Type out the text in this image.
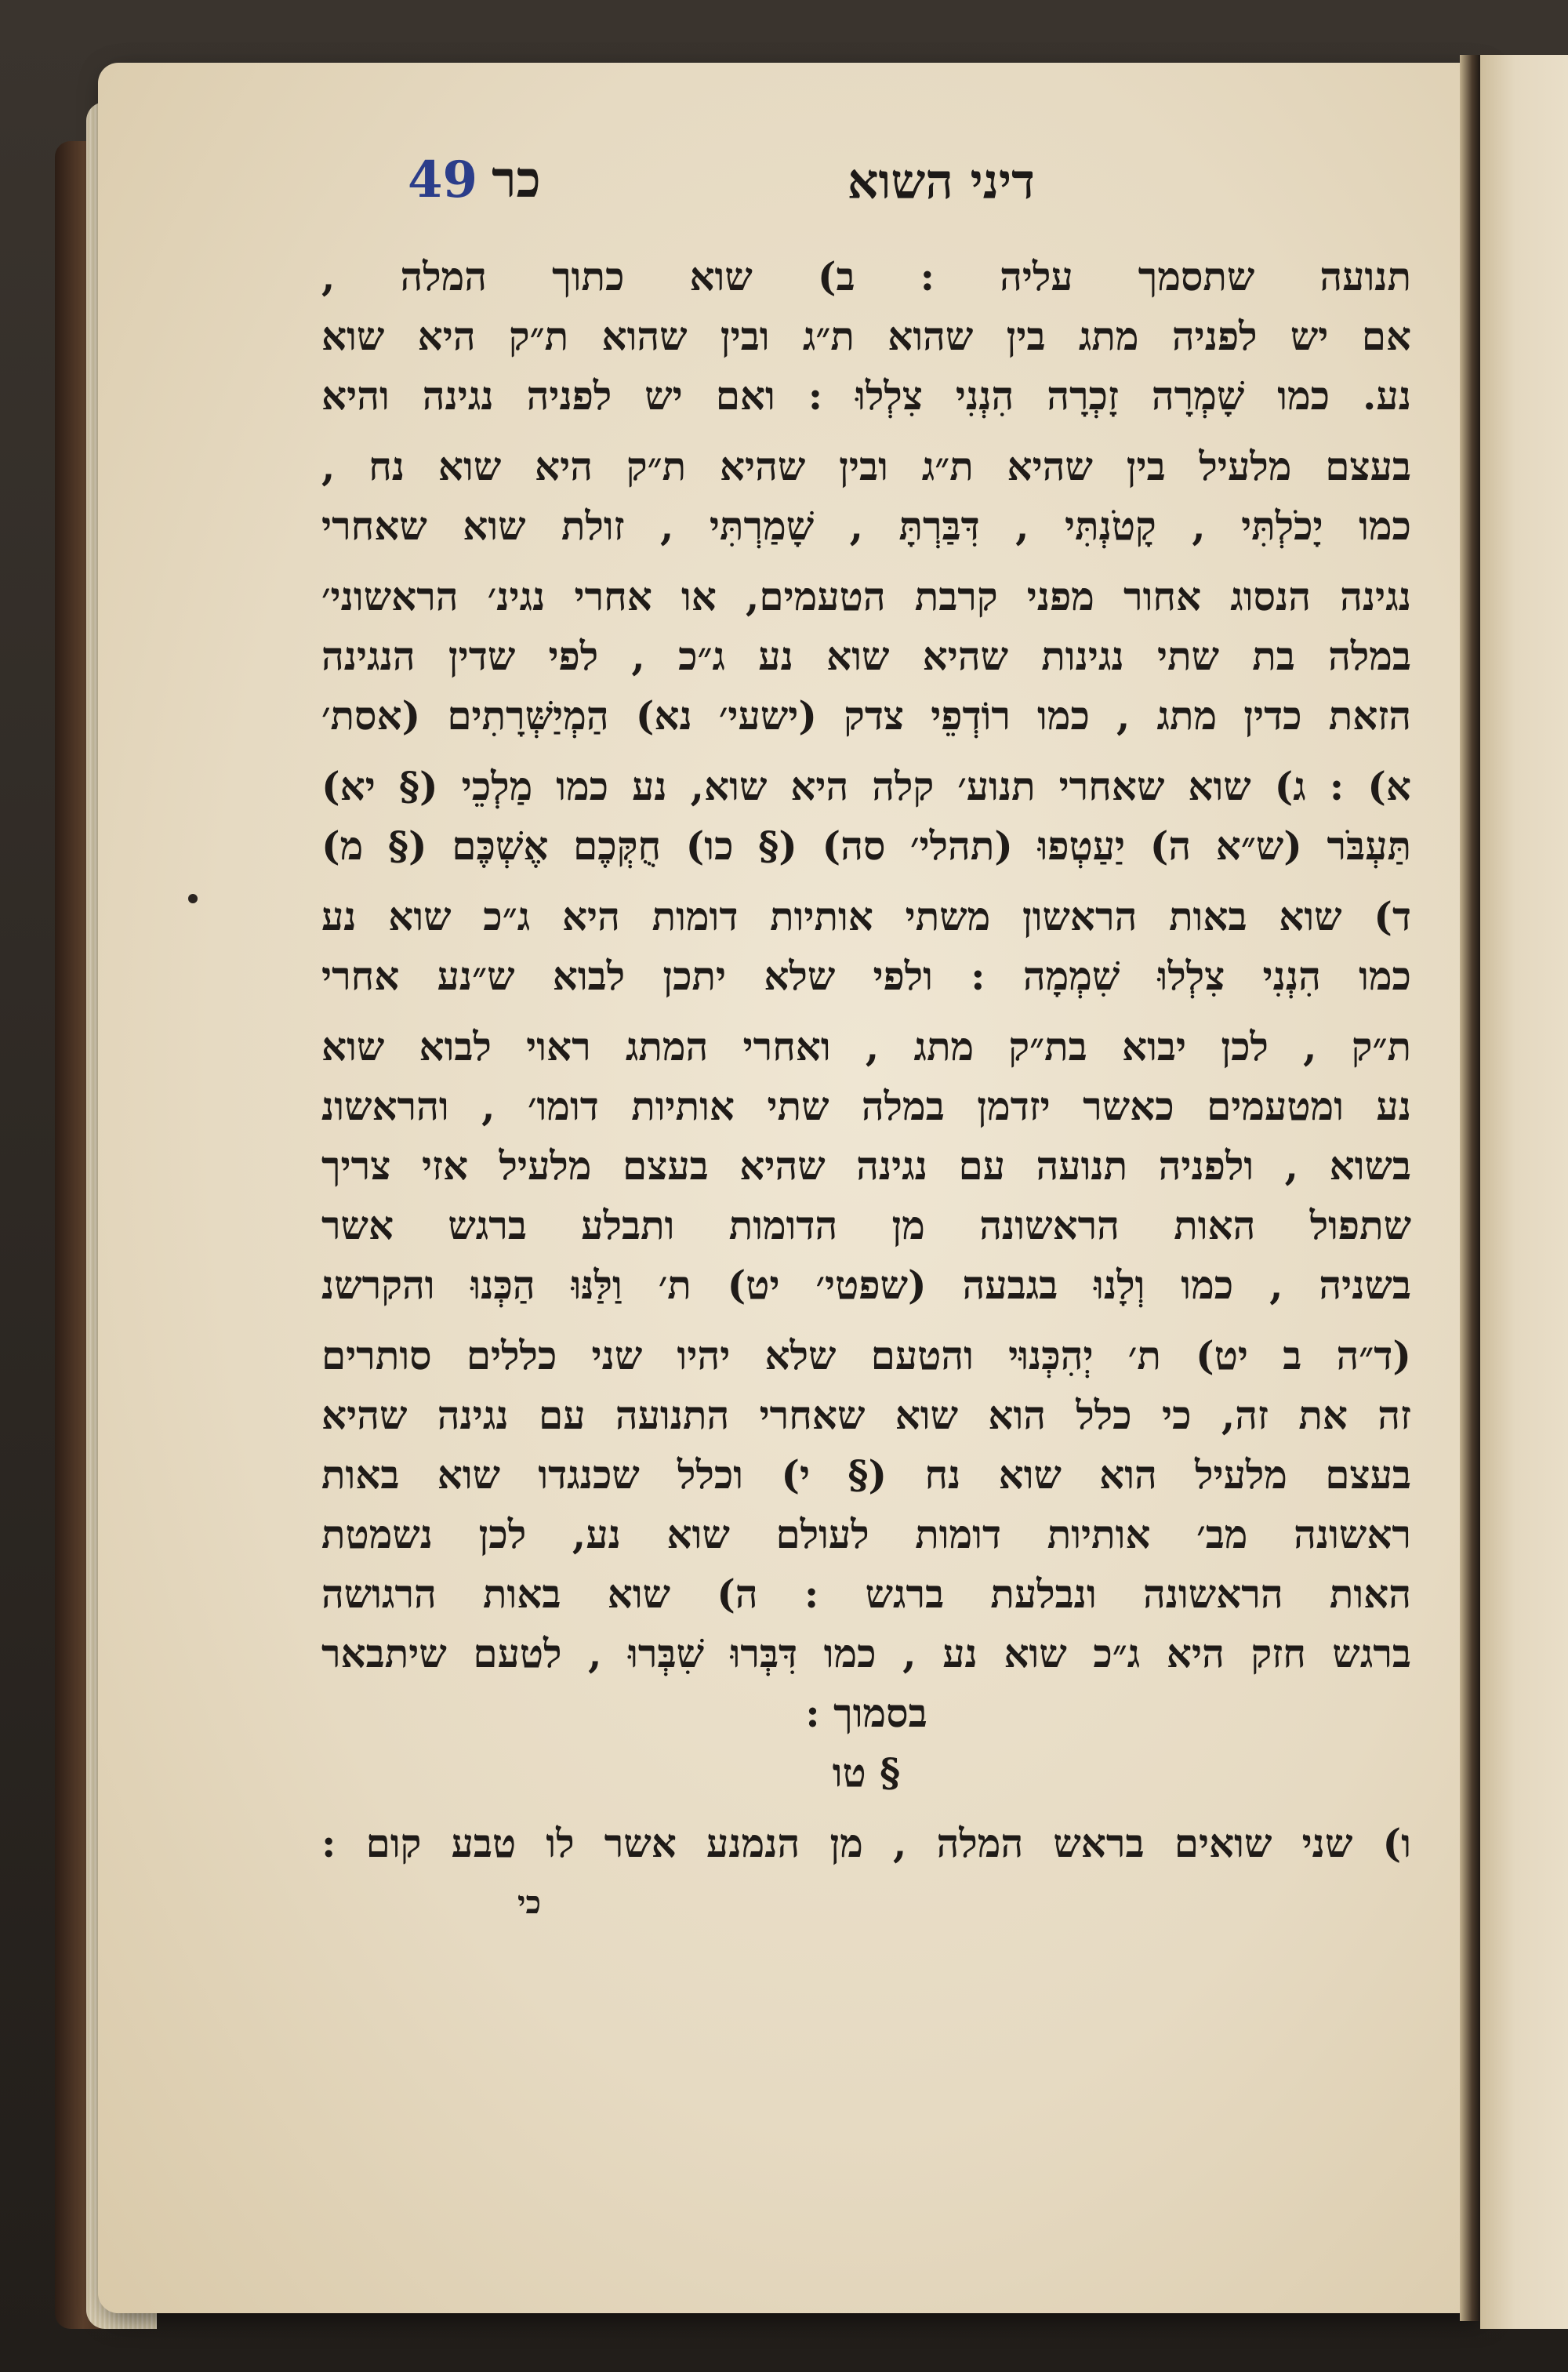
49 כר	דיני השוא
תנועה שתסמך עליה : ב) שוא כתוך המלה ,
אם יש לפניה מתג בין שהוא ת״ג ובין שהוא ת״ק היא שוא
נע. כמו שָׁמְרָה זָכְרָה הִנְנִי צִלְלוּ : ואם יש לפניה נגינה והיא
בעצם מלעיל בין שהיא ת״ג ובין שהיא ת״ק היא שוא נח ,
כמו יָכֹלְתִּי , קָטֹנְתִּי , דִּבַּרְתָּ , שָׁמַרְתִּי , זולת שוא שאחרי
נגינה הנסוג אחור מפני קרבת הטעמים, או אחרי נגינ׳ הראשוני׳
במלה בת שתי נגינות שהיא שוא נע ג״כ , לפי שדין הנגינה
הזאת כדין מתג , כמו רוֹדְפֵי צדק (ישעי׳ נא) הַמְיַשְּׁרָתִים (אסת׳
א) : ג) שוא שאחרי תנוע׳ קלה היא שוא, נע כמו מַלְכֵי (§ יא)
תַּעְבֹּר (ש״א ה) יַעַטְפוּ (תהלי׳ סה) (§ כו) חֻקְּכֶם אֶשְׁכֶּם (§ מ)
ד) שוא באות הראשון משתי אותיות דומות היא ג״כ שוא נע
כמו הִנְנִי צִלְלוּ שִׁמְמָה : ולפי שלא יתכן לבוא ש״נע אחרי
ת״ק , לכן יבוא בת״ק מתג , ואחרי המתג ראוי לבוא שוא
נע ומטעמים כאשר יזדמן במלה שתי אותיות דומו׳ , והראשונ
בשוא , ולפניה תנועה עם נגינה שהיא בעצם מלעיל אזי צריך
שתפול האות הראשונה מן הדומות ותבלע ברגש אשר
בשניה , כמו וְלָנוּ בגבעה (שפטי׳ יט) ת׳ וַלַּנּוּ הַכְּנוּ והקרשנ
(ד״ה ב יט) ת׳ יְהִכְּנוּי והטעם שלא יהיו שני כללים סותרים
זה את זה, כי כלל הוא שוא שאחרי התנועה עם נגינה שהיא
בעצם מלעיל הוא שוא נח (§ י) וכלל שכנגדו שוא באות
ראשונה מב׳ אותיות דומות לעולם שוא נע, לכן נשמטת
האות הראשונה ונבלעת ברגש : ה) שוא באות הרגושה
ברגש חזק היא ג״כ שוא נע , כמו דִּבְּרוּ שִׁבְּרוּ , לטעם שיתבאר
בסמוך :
§ טו
ו) שני שואים בראש המלה , מן הנמנע אשר לו טבע קום :
כי
